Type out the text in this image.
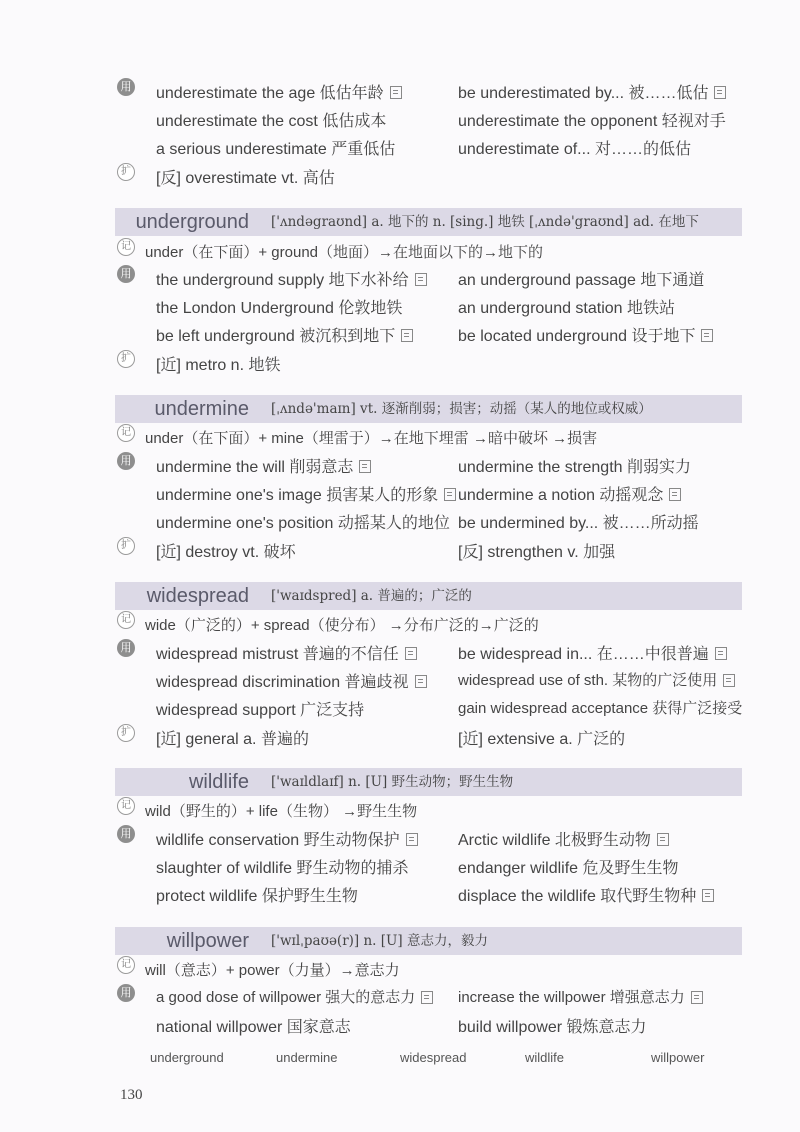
用 underestimate the age 低估年龄	be underestimated by... 被……低估
underestimate the cost 低估成本	underestimate the opponent 轻视对手
a serious underestimate 严重低估	underestimate of... 对……的低估
扩 [反] overestimate vt. 高估
underground ['ʌndəgraʊnd] a. 地下的 n. [sing.] 地铁 [ˌʌndə'graʊnd] ad. 在地下
记 under（在下面）+ ground（地面）→在地面以下的→地下的
用 the underground supply 地下水补给	an underground passage 地下通道
the London Underground 伦敦地铁	an underground station 地铁站
be left underground 被沉积到地下	be located underground 设于地下
扩 [近] metro n. 地铁
undermine [ˌʌndə'maɪn] vt. 逐渐削弱；损害；动摇（某人的地位或权威）
记 under（在下面）+ mine（埋雷于）→在地下埋雷 →暗中破坏 →损害
用 undermine the will 削弱意志	undermine the strength 削弱实力
undermine one's image 损害某人的形象	undermine a notion 动摇观念
undermine one's position 动摇某人的地位 be undermined by... 被……所动摇
扩 [近] destroy vt. 破坏	[反] strengthen v. 加强
widespread ['waɪdspred] a. 普遍的；广泛的
记 wide（广泛的）+ spread（使分布） →分布广泛的→广泛的
用 widespread mistrust 普遍的不信任	be widespread in... 在……中很普遍
widespread discrimination 普遍歧视	widespread use of sth. 某物的广泛使用
widespread support 广泛支持	gain widespread acceptance 获得广泛接受
扩 [近] general a. 普遍的	[近] extensive a. 广泛的
wildlife ['waɪldlaɪf] n. [U] 野生动物；野生生物
记 wild（野生的）+ life（生物） →野生生物
用 wildlife conservation 野生动物保护	Arctic wildlife 北极野生动物
slaughter of wildlife 野生动物的捕杀	endanger wildlife 危及野生生物
protect wildlife 保护野生生物	displace the wildlife 取代野生物种
willpower ['wɪlˌpaʊə(r)] n. [U] 意志力，毅力
记 will（意志）+ power（力量）→意志力
用 a good dose of willpower 强大的意志力	increase the willpower 增强意志力
national willpower 国家意志	build willpower 锻炼意志力
underground	undermine	widespread	wildlife	willpower
130
